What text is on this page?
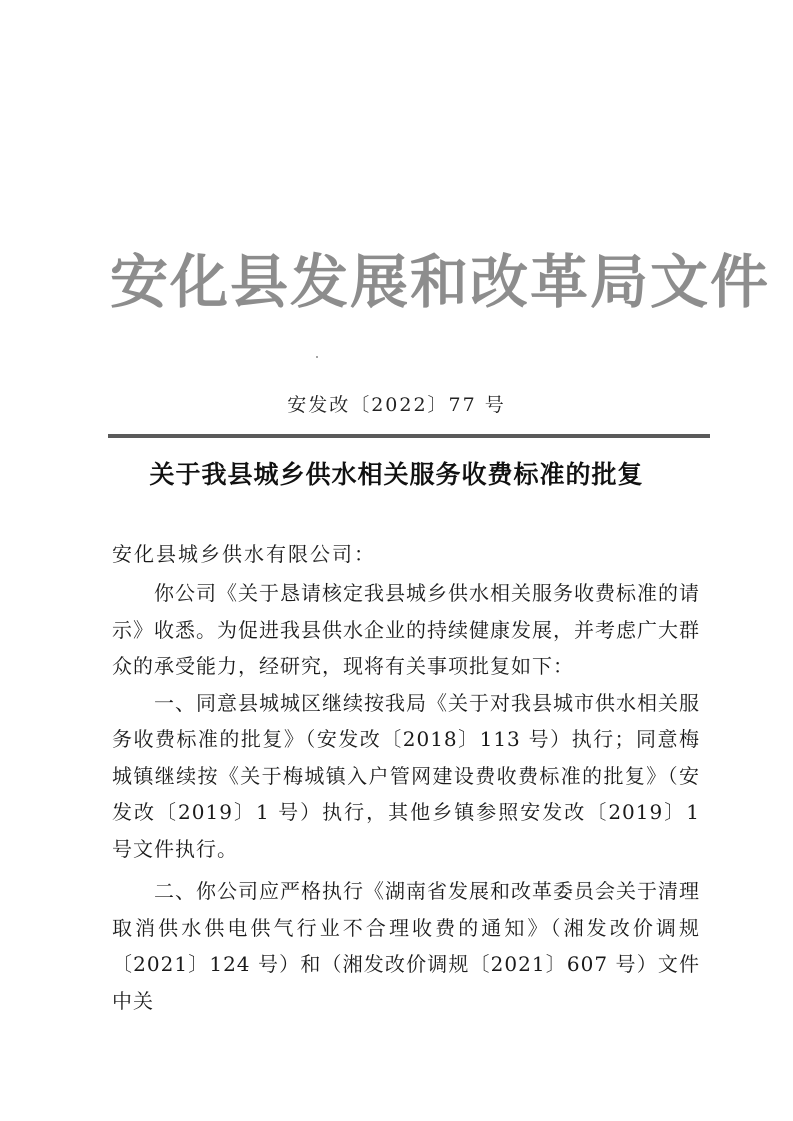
安化县发展和改革局文件
安发改〔2022〕77 号
关于我县城乡供水相关服务收费标准的批复
安化县城乡供水有限公司：

你公司《关于恳请核定我县城乡供水相关服务收费标准的请示》收悉。为促进我县供水企业的持续健康发展，并考虑广大群众的承受能力，经研究，现将有关事项批复如下：

一、同意县城城区继续按我局《关于对我县城市供水相关服务收费标准的批复》（安发改〔2018〕113 号）执行；同意梅城镇继续按《关于梅城镇入户管网建设费收费标准的批复》（安发改〔2019〕1 号）执行，其他乡镇参照安发改〔2019〕1 号文件执行。

二、你公司应严格执行《湖南省发展和改革委员会关于清理取消供水供电供气行业不合理收费的通知》（湘发改价调规〔2021〕124 号）和（湘发改价调规〔2021〕607 号）文件中关
